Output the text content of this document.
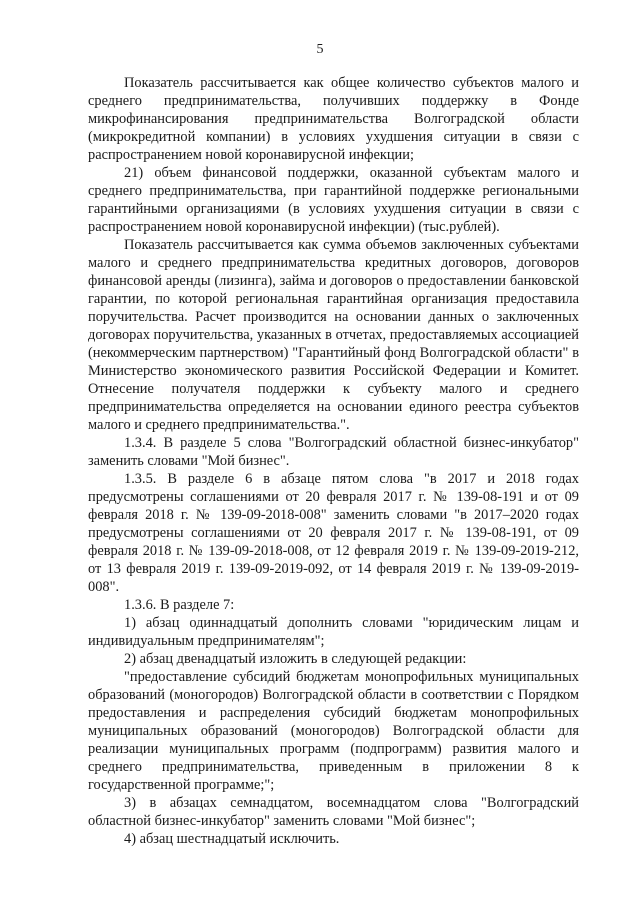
5

Показатель рассчитывается как общее количество субъектов малого и среднего предпринимательства, получивших поддержку в Фонде микрофинансирования предпринимательства Волгоградской области (микрокредитной компании) в условиях ухудшения ситуации в связи с распространением новой коронавирусной инфекции;

21) объем финансовой поддержки, оказанной субъектам малого и среднего предпринимательства, при гарантийной поддержке региональными гарантийными организациями (в условиях ухудшения ситуации в связи с распространением новой коронавирусной инфекции) (тыс.рублей).

Показатель рассчитывается как сумма объемов заключенных субъектами малого и среднего предпринимательства кредитных договоров, договоров финансовой аренды (лизинга), займа и договоров о предоставлении банковской гарантии, по которой региональная гарантийная организация предоставила поручительства. Расчет производится на основании данных о заключенных договорах поручительства, указанных в отчетах, предоставляемых ассоциацией (некоммерческим партнерством) "Гарантийный фонд Волгоградской области" в Министерство экономического развития Российской Федерации и Комитет. Отнесение получателя поддержки к субъекту малого и среднего предпринимательства определяется на основании единого реестра субъектов малого и среднего предпринимательства.".

1.3.4. В разделе 5 слова "Волгоградский областной бизнес-инкубатор" заменить словами "Мой бизнес".

1.3.5. В разделе 6 в абзаце пятом слова "в 2017 и 2018 годах предусмотрены соглашениями от 20 февраля 2017 г. № 139-08-191 и от 09 февраля 2018 г. № 139-09-2018-008" заменить словами "в 2017–2020 годах предусмотрены соглашениями от 20 февраля 2017 г. № 139-08-191, от 09 февраля 2018 г. № 139-09-2018-008, от 12 февраля 2019 г. № 139-09-2019-212, от 13 февраля 2019 г. 139-09-2019-092, от 14 февраля 2019 г. № 139-09-2019-008".

1.3.6. В разделе 7:

1) абзац одиннадцатый дополнить словами "юридическим лицам и индивидуальным предпринимателям";

2) абзац двенадцатый изложить в следующей редакции:

"предоставление субсидий бюджетам монопрофильных муниципальных образований (моногородов) Волгоградской области в соответствии с Порядком предоставления и распределения субсидий бюджетам монопрофильных муниципальных образований (моногородов) Волгоградской области для реализации муниципальных программ (подпрограмм) развития малого и среднего предпринимательства, приведенным в приложении 8 к государственной программе;";

3) в абзацах семнадцатом, восемнадцатом слова "Волгоградский областной бизнес-инкубатор" заменить словами "Мой бизнес";

4) абзац шестнадцатый исключить.
